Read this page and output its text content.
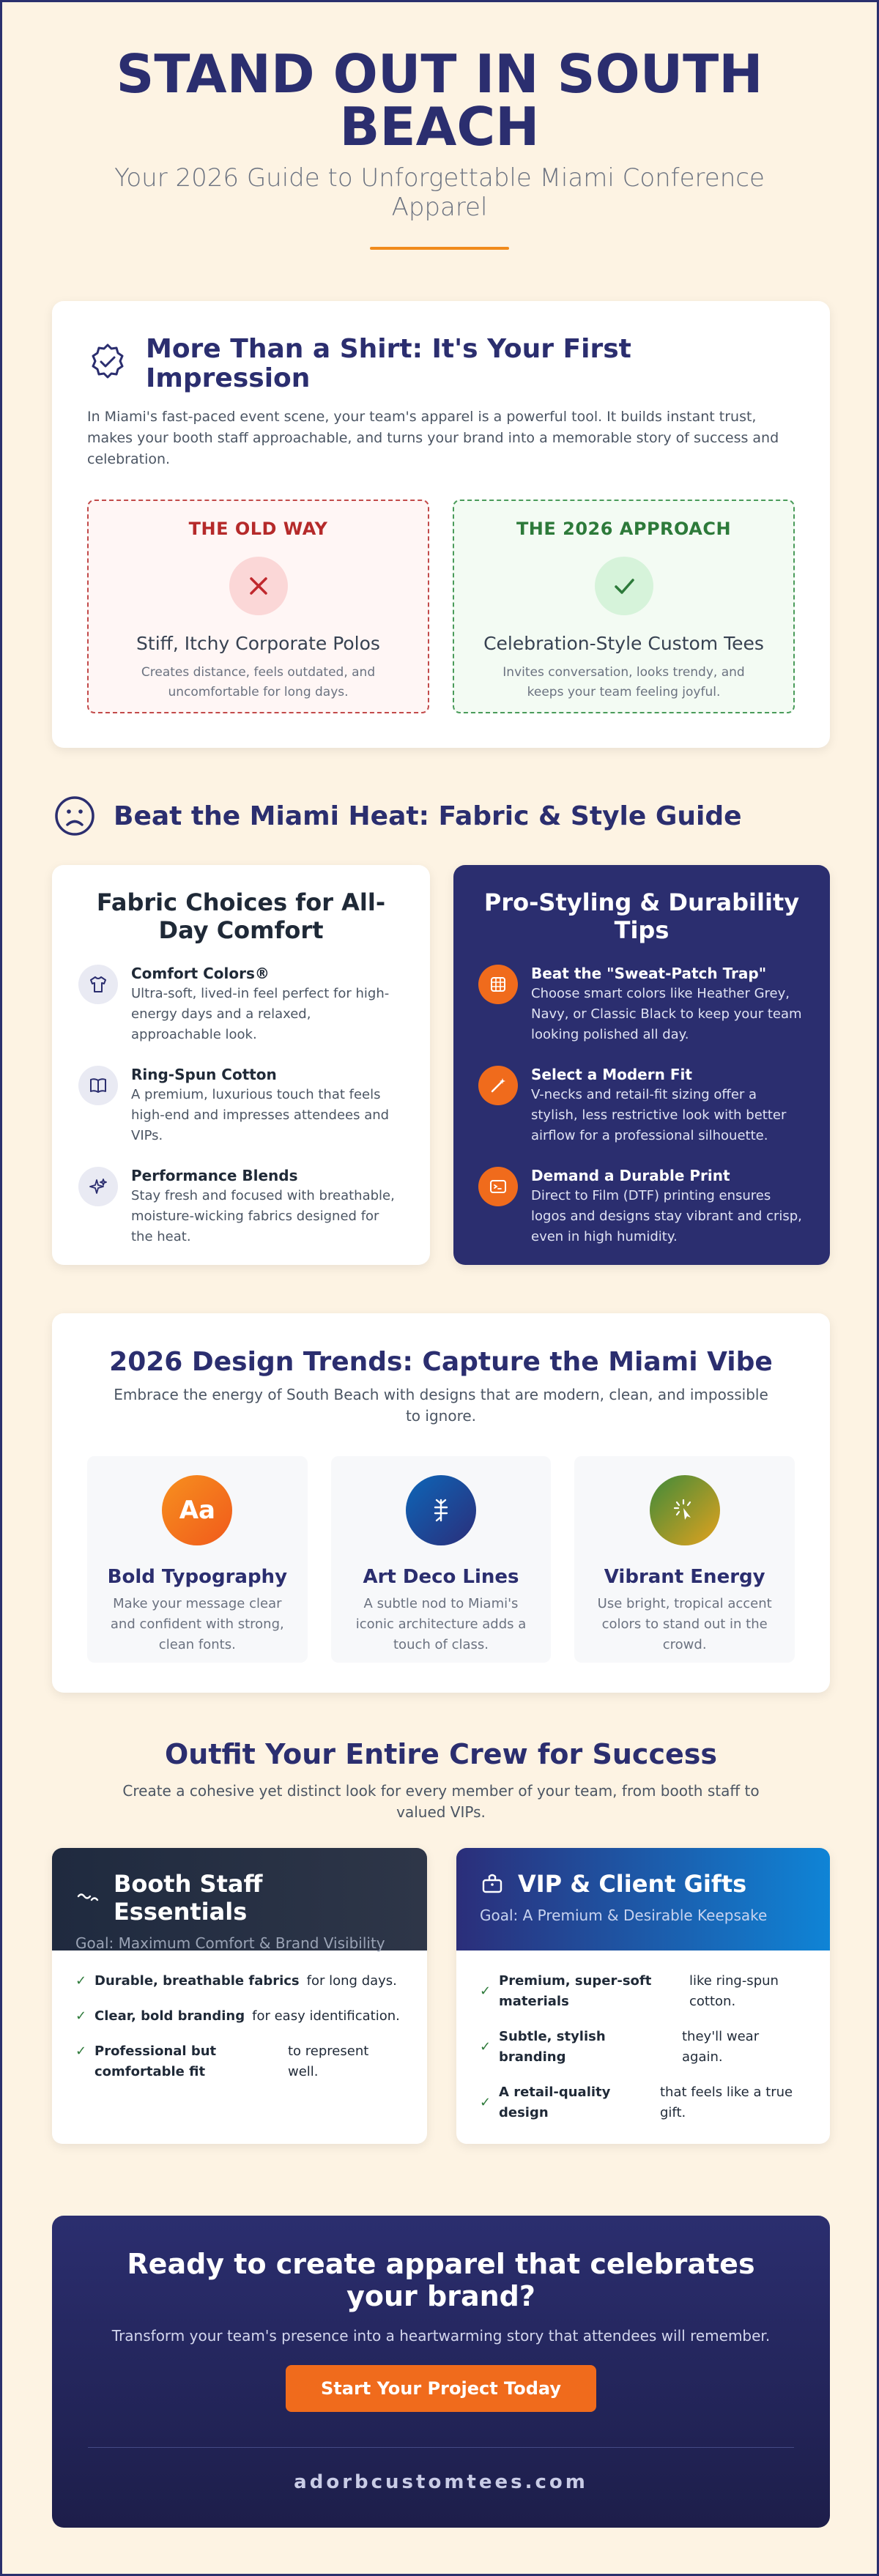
STAND OUT IN SOUTH BEACH
Your 2026 Guide to Unforgettable Miami Conference Apparel
More Than a Shirt: It's Your First Impression

In Miami's fast-paced event scene, your team's apparel is a powerful tool. It builds instant trust, makes your booth staff approachable, and turns your brand into a memorable story of success and celebration.

THE OLD WAY
Stiff, Itchy Corporate Polos
Creates distance, feels outdated, and uncomfortable for long days.
THE 2026 APPROACH
Celebration-Style Custom Tees
Invites conversation, looks trendy, and keeps your team feeling joyful.
Beat the Miami Heat: Fabric & Style Guide
Fabric Choices for All-Day Comfort
Comfort Colors®
Ultra-soft, lived-in feel perfect for high-energy days and a relaxed, approachable look.
Ring-Spun Cotton
A premium, luxurious touch that feels high-end and impresses attendees and VIPs.
Performance Blends
Stay fresh and focused with breathable, moisture-wicking fabrics designed for the heat.
Pro-Styling & Durability Tips
Beat the "Sweat-Patch Trap"
Choose smart colors like Heather Grey, Navy, or Classic Black to keep your team looking polished all day.
Select a Modern Fit
V-necks and retail-fit sizing offer a stylish, less restrictive look with better airflow for a professional silhouette.
Demand a Durable Print
Direct to Film (DTF) printing ensures logos and designs stay vibrant and crisp, even in high humidity.
2026 Design Trends: Capture the Miami Vibe

Embrace the energy of South Beach with designs that are modern, clean, and impossible to ignore.

Aa
Bold Typography
Make your message clear and confident with strong, clean fonts.
Art Deco Lines
A subtle nod to Miami's iconic architecture adds a touch of class.
Vibrant Energy
Use bright, tropical accent colors to stand out in the crowd.
Outfit Your Entire Crew for Success

Create a cohesive yet distinct look for every member of your team, from booth staff to valued VIPs.

Booth Staff Essentials
Goal: Maximum Comfort & Brand Visibility
✓ Durable, breathable fabrics for long days.
✓ Clear, bold branding for easy identification.
✓ Professional but comfortable fit
to represent well.
VIP & Client Gifts
Goal: A Premium & Desirable Keepsake
✓
Premium, super-soft materials
like ring-spun cotton.
✓
Subtle, stylish branding
they'll wear again.
✓
A retail-quality design
that feels like a true gift.
Ready to create apparel that celebrates your brand?

Transform your team's presence into a heartwarming story that attendees will remember.

Start Your Project Today
adorbcustomtees.com
